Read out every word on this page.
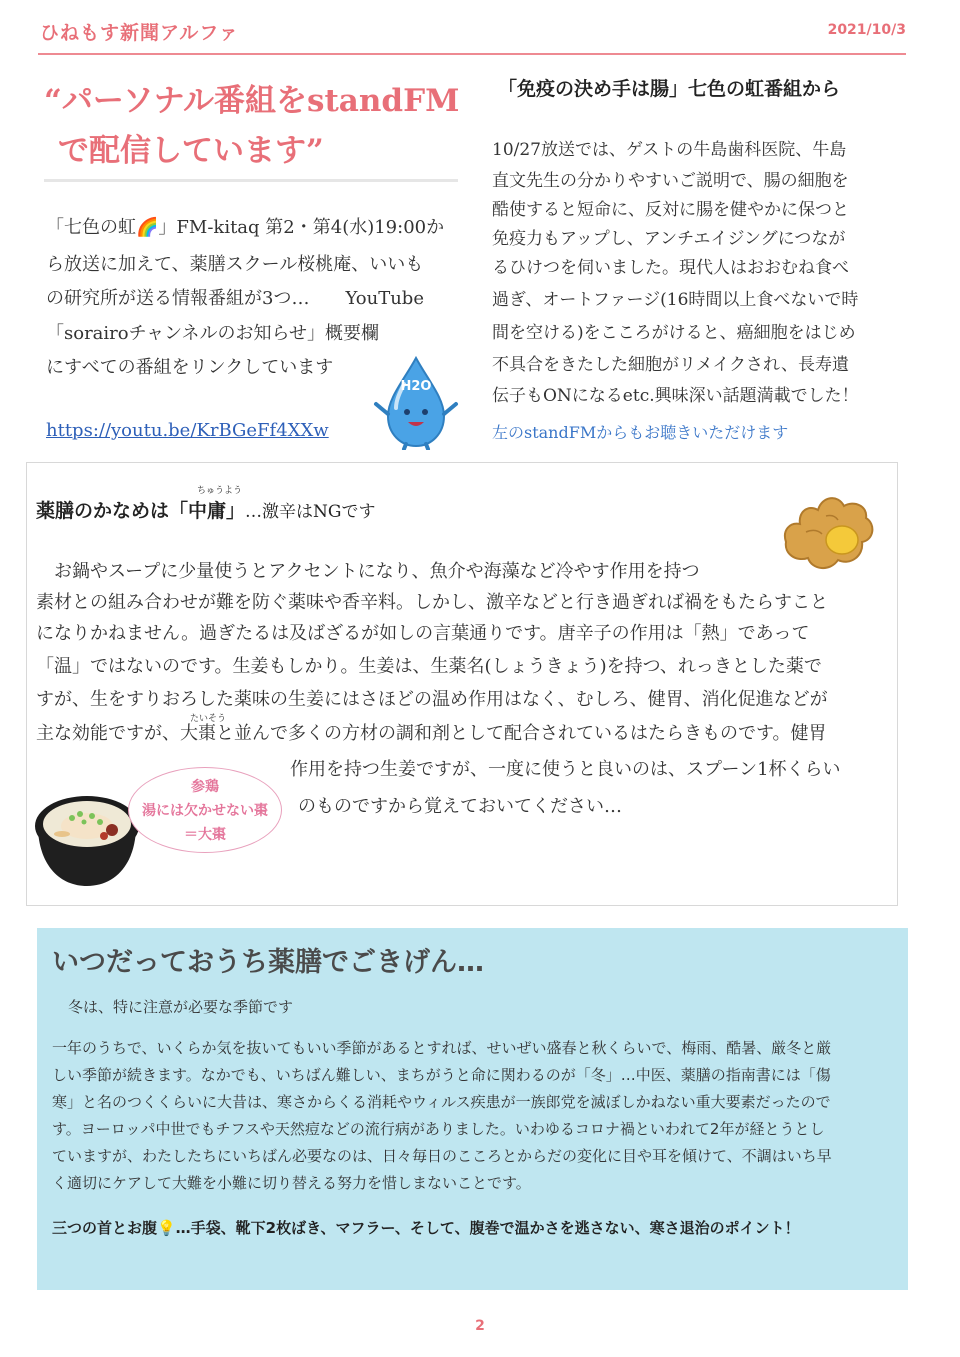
ひねもす新聞アルファ	2021/10/3
“パーソナル番組をstandFM
で配信しています”
「七色の虹🌈」FM-kitaq 第2・第4(水)19:00か
ら放送に加えて、薬膳スクール桜桃庵、いいも
の研究所が送る情報番組が3つ…　　YouTube
「sorairoチャンネルのお知らせ」概要欄
にすべての番組をリンクしています
https://youtu.be/KrBGeFf4XXw
H2O
「免疫の決め手は腸」七色の虹番組から
10/27放送では、ゲストの牛島歯科医院、牛島
直文先生の分かりやすいご説明で、腸の細胞を
酷使すると短命に、反対に腸を健やかに保つと
免疫力もアップし、アンチエイジングにつなが
るひけつを伺いました。現代人はおおむね食べ
過ぎ、オートファージ(16時間以上食べないで時
間を空ける)をこころがけると、癌細胞をはじめ
不具合をきたした細胞がリメイクされ、長寿遺
伝子もONになるetc.興味深い話題満載でした！
左のstandFMからもお聴きいただけます
ちゅうよう
薬膳のかなめは「中庸」…激辛はNGです
　お鍋やスープに少量使うとアクセントになり、魚介や海藻など冷やす作用を持つ
素材との組み合わせが難を防ぐ薬味や香辛料。しかし、激辛などと行き過ぎれば禍をもたらすこと
になりかねません。過ぎたるは及ばざるが如しの言葉通りです。唐辛子の作用は「熱」であって
「温」ではないのです。生姜もしかり。生姜は、生薬名(しょうきょう)を持つ、れっきとした薬で
すが、生をすりおろした薬味の生姜にはさほどの温め作用はなく、むしろ、健胃、消化促進などが
たいそう
主な効能ですが、大棗と並んで多くの方材の調和剤として配合されているはたらきものです。健胃
作用を持つ生姜ですが、一度に使うと良いのは、スプーン1杯くらい
のものですから覚えておいてください…
参鶏
湯には欠かせない棗
＝大棗
いつだっておうち薬膳でごきげん…
冬は、特に注意が必要な季節です
一年のうちで、いくらか気を抜いてもいい季節があるとすれば、せいぜい盛春と秋くらいで、梅雨、酷暑、厳冬と厳
しい季節が続きます。なかでも、いちばん難しい、まちがうと命に関わるのが「冬」…中医、薬膳の指南書には「傷
寒」と名のつくくらいに大昔は、寒さからくる消耗やウィルス疾患が一族郎党を滅ぼしかねない重大要素だったので
す。ヨーロッパ中世でもチフスや天然痘などの流行病がありました。いわゆるコロナ禍といわれて2年が経とうとし
ていますが、わたしたちにいちばん必要なのは、日々毎日のこころとからだの変化に目や耳を傾けて、不調はいち早
く適切にケアして大難を小難に切り替える努力を惜しまないことです。
三つの首とお腹💡…手袋、靴下2枚ばき、マフラー、そして、腹巻で温かさを逃さない、寒さ退治のポイント！
2
